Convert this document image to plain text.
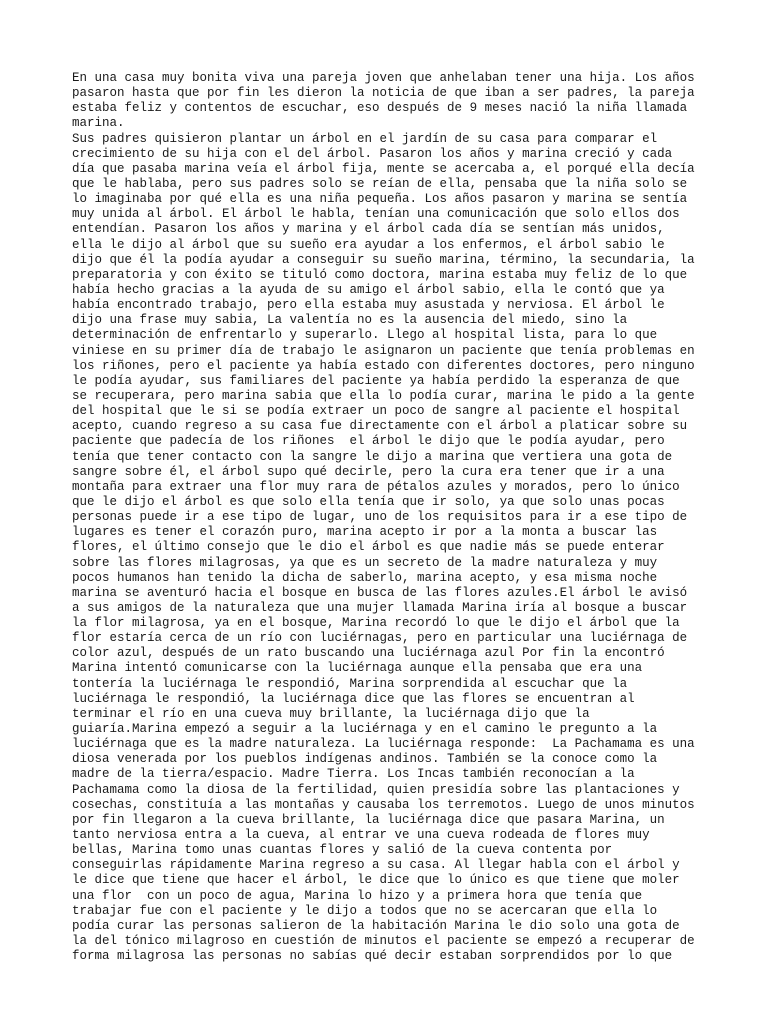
En una casa muy bonita viva una pareja joven que anhelaban tener una hija. Los años
pasaron hasta que por fin les dieron la noticia de que iban a ser padres, la pareja
estaba feliz y contentos de escuchar, eso después de 9 meses nació la niña llamada
marina.
Sus padres quisieron plantar un árbol en el jardín de su casa para comparar el
crecimiento de su hija con el del árbol. Pasaron los años y marina creció y cada
día que pasaba marina veía el árbol fija, mente se acercaba a, el porqué ella decía
que le hablaba, pero sus padres solo se reían de ella, pensaba que la niña solo se
lo imaginaba por qué ella es una niña pequeña. Los años pasaron y marina se sentía
muy unida al árbol. El árbol le habla, tenían una comunicación que solo ellos dos
entendían. Pasaron los años y marina y el árbol cada día se sentían más unidos,
ella le dijo al árbol que su sueño era ayudar a los enfermos, el árbol sabio le
dijo que él la podía ayudar a conseguir su sueño marina, término, la secundaria, la
preparatoria y con éxito se tituló como doctora, marina estaba muy feliz de lo que
había hecho gracias a la ayuda de su amigo el árbol sabio, ella le contó que ya
había encontrado trabajo, pero ella estaba muy asustada y nerviosa. El árbol le
dijo una frase muy sabia, La valentía no es la ausencia del miedo, sino la
determinación de enfrentarlo y superarlo. Llego al hospital lista, para lo que
viniese en su primer día de trabajo le asignaron un paciente que tenía problemas en
los riñones, pero el paciente ya había estado con diferentes doctores, pero ninguno
le podía ayudar, sus familiares del paciente ya había perdido la esperanza de que
se recuperara, pero marina sabia que ella lo podía curar, marina le pido a la gente
del hospital que le si se podía extraer un poco de sangre al paciente el hospital
acepto, cuando regreso a su casa fue directamente con el árbol a platicar sobre su
paciente que padecía de los riñones  el árbol le dijo que le podía ayudar, pero
tenía que tener contacto con la sangre le dijo a marina que vertiera una gota de
sangre sobre él, el árbol supo qué decirle, pero la cura era tener que ir a una
montaña para extraer una flor muy rara de pétalos azules y morados, pero lo único
que le dijo el árbol es que solo ella tenía que ir solo, ya que solo unas pocas
personas puede ir a ese tipo de lugar, uno de los requisitos para ir a ese tipo de
lugares es tener el corazón puro, marina acepto ir por a la monta a buscar las
flores, el último consejo que le dio el árbol es que nadie más se puede enterar
sobre las flores milagrosas, ya que es un secreto de la madre naturaleza y muy
pocos humanos han tenido la dicha de saberlo, marina acepto, y esa misma noche
marina se aventuró hacia el bosque en busca de las flores azules.El árbol le avisó
a sus amigos de la naturaleza que una mujer llamada Marina iría al bosque a buscar
la flor milagrosa, ya en el bosque, Marina recordó lo que le dijo el árbol que la
flor estaría cerca de un río con luciérnagas, pero en particular una luciérnaga de
color azul, después de un rato buscando una luciérnaga azul Por fin la encontró
Marina intentó comunicarse con la luciérnaga aunque ella pensaba que era una
tontería la luciérnaga le respondió, Marina sorprendida al escuchar que la
luciérnaga le respondió, la luciérnaga dice que las flores se encuentran al
terminar el río en una cueva muy brillante, la luciérnaga dijo que la
guiaría.Marina empezó a seguir a la luciérnaga y en el camino le pregunto a la
luciérnaga que es la madre naturaleza. La luciérnaga responde:  La Pachamama es una
diosa venerada por los pueblos indígenas andinos. También se la conoce como la
madre de la tierra/espacio. Madre Tierra. Los Incas también reconocían a la
Pachamama como la diosa de la fertilidad, quien presidía sobre las plantaciones y
cosechas, constituía a las montañas y causaba los terremotos. Luego de unos minutos
por fin llegaron a la cueva brillante, la luciérnaga dice que pasara Marina, un
tanto nerviosa entra a la cueva, al entrar ve una cueva rodeada de flores muy
bellas, Marina tomo unas cuantas flores y salió de la cueva contenta por
conseguirlas rápidamente Marina regreso a su casa. Al llegar habla con el árbol y
le dice que tiene que hacer el árbol, le dice que lo único es que tiene que moler
una flor  con un poco de agua, Marina lo hizo y a primera hora que tenía que
trabajar fue con el paciente y le dijo a todos que no se acercaran que ella lo
podía curar las personas salieron de la habitación Marina le dio solo una gota de
la del tónico milagroso en cuestión de minutos el paciente se empezó a recuperar de
forma milagrosa las personas no sabías qué decir estaban sorprendidos por lo que
